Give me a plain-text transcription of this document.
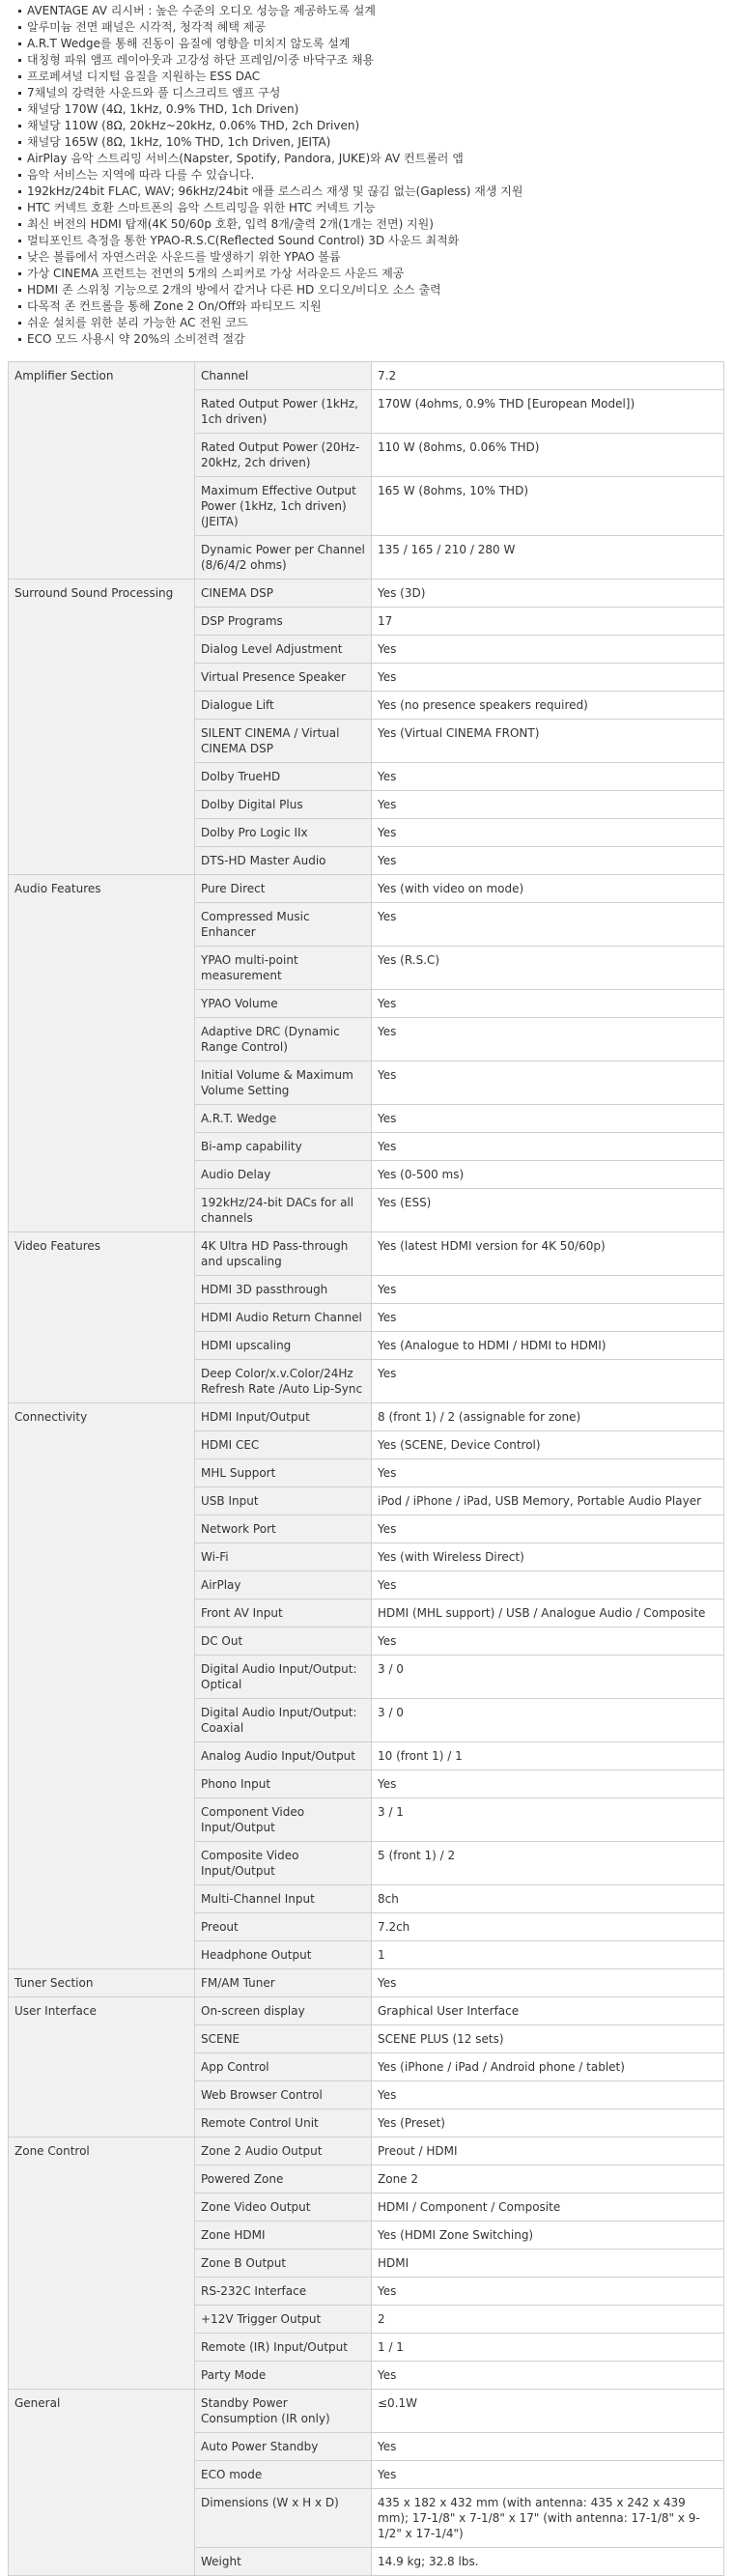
AVENTAGE AV 리시버 : 높은 수준의 오디오 성능을 제공하도록 설계
알루미늄 전면 패널은 시각적, 청각적 혜택 제공
A.R.T Wedge를 통해 진동이 음질에 영향을 미치지 않도록 설계
대칭형 파워 앰프 레이아웃과 고강성 하단 프레임/이중 바닥구조 채용
프로페셔널 디지털 음질을 지원하는 ESS DAC
7채널의 강력한 사운드와 풀 디스크리트 앰프 구성
채널당 170W (4Ω, 1kHz, 0.9% THD, 1ch Driven)
채널당 110W (8Ω, 20kHz~20kHz, 0.06% THD, 2ch Driven)
채널당 165W (8Ω, 1kHz, 10% THD, 1ch Driven, JEITA)
AirPlay 음악 스트리밍 서비스(Napster, Spotify, Pandora, JUKE)와 AV 컨트롤러 앱
음악 서비스는 지역에 따라 다를 수 있습니다.
192kHz/24bit FLAC, WAV; 96kHz/24bit 애플 로스리스 재생 및 끊김 없는(Gapless) 재생 지원
HTC 커넥트 호환 스마트폰의 음악 스트리밍을 위한 HTC 커넥트 기능
최신 버전의 HDMI 탑재(4K 50/60p 호환, 입력 8개/출력 2개(1개는 전면) 지원)
멀티포인트 측정을 통한 YPAO-R.S.C(Reflected Sound Control) 3D 사운드 최적화
낮은 볼륨에서 자연스러운 사운드를 발생하기 위한 YPAO 볼륨
가상 CINEMA 프런트는 전면의 5개의 스피커로 가상 서라운드 사운드 제공
HDMI 존 스위칭 기능으로 2개의 방에서 같거나 다른 HD 오디오/비디오 소스 출력
다목적 존 컨트롤을 통해 Zone 2 On/Off와 파티모드 지원
쉬운 설치를 위한 분리 가능한 AC 전원 코드
ECO 모드 사용시 약 20%의 소비전력 절감
Amplifier Section	Channel	7.2
	Rated Output Power (1kHz, 1ch driven)	170W (4ohms, 0.9% THD [European Model])
	Rated Output Power (20Hz-20kHz, 2ch driven)	110 W (8ohms, 0.06% THD)
	Maximum Effective Output Power (1kHz, 1ch driven) (JEITA)	165 W (8ohms, 10% THD)
	Dynamic Power per Channel (8/6/4/2 ohms)	135 / 165 / 210 / 280 W
Surround Sound Processing	CINEMA DSP	Yes (3D)
	DSP Programs	17
	Dialog Level Adjustment	Yes
	Virtual Presence Speaker	Yes
	Dialogue Lift	Yes (no presence speakers required)
	SILENT CINEMA / Virtual CINEMA DSP	Yes (Virtual CINEMA FRONT)
	Dolby TrueHD	Yes
	Dolby Digital Plus	Yes
	Dolby Pro Logic IIx	Yes
	DTS-HD Master Audio	Yes
Audio Features	Pure Direct	Yes (with video on mode)
	Compressed Music Enhancer	Yes
	YPAO multi-point measurement	Yes (R.S.C)
	YPAO Volume	Yes
	Adaptive DRC (Dynamic Range Control)	Yes
	Initial Volume & Maximum Volume Setting	Yes
	A.R.T. Wedge	Yes
	Bi-amp capability	Yes
	Audio Delay	Yes (0-500 ms)
	192kHz/24-bit DACs for all channels	Yes (ESS)
Video Features	4K Ultra HD Pass-through and upscaling	Yes (latest HDMI version for 4K 50/60p)
	HDMI 3D passthrough	Yes
	HDMI Audio Return Channel	Yes
	HDMI upscaling	Yes (Analogue to HDMI / HDMI to HDMI)
	Deep Color/x.v.Color/24Hz Refresh Rate /Auto Lip-Sync	Yes
Connectivity	HDMI Input/Output	8 (front 1) / 2 (assignable for zone)
	HDMI CEC	Yes (SCENE, Device Control)
	MHL Support	Yes
	USB Input	iPod / iPhone / iPad, USB Memory, Portable Audio Player
	Network Port	Yes
	Wi-Fi	Yes (with Wireless Direct)
	AirPlay	Yes
	Front AV Input	HDMI (MHL support) / USB / Analogue Audio / Composite
	DC Out	Yes
	Digital Audio Input/Output: Optical	3 / 0
	Digital Audio Input/Output: Coaxial	3 / 0
	Analog Audio Input/Output	10 (front 1) / 1
	Phono Input	Yes
	Component Video Input/Output	3 / 1
	Composite Video Input/Output	5 (front 1) / 2
	Multi-Channel Input	8ch
	Preout	7.2ch
	Headphone Output	1
Tuner Section	FM/AM Tuner	Yes
User Interface	On-screen display	Graphical User Interface
	SCENE	SCENE PLUS (12 sets)
	App Control	Yes (iPhone / iPad / Android phone / tablet)
	Web Browser Control	Yes
	Remote Control Unit	Yes (Preset)
Zone Control	Zone 2 Audio Output	Preout / HDMI
	Powered Zone	Zone 2
	Zone Video Output	HDMI / Component / Composite
	Zone HDMI	Yes (HDMI Zone Switching)
	Zone B Output	HDMI
	RS-232C Interface	Yes
	+12V Trigger Output	2
	Remote (IR) Input/Output	1 / 1
	Party Mode	Yes
General	Standby Power Consumption (IR only)	≤0.1W
	Auto Power Standby	Yes
	ECO mode	Yes
	Dimensions (W x H x D)	435 x 182 x 432 mm (with antenna: 435 x 242 x 439 mm); 17-1/8" x 7-1/8" x 17" (with antenna: 17-1/8" x 9-1/2" x 17-1/4")
	Weight	14.9 kg; 32.8 lbs.
